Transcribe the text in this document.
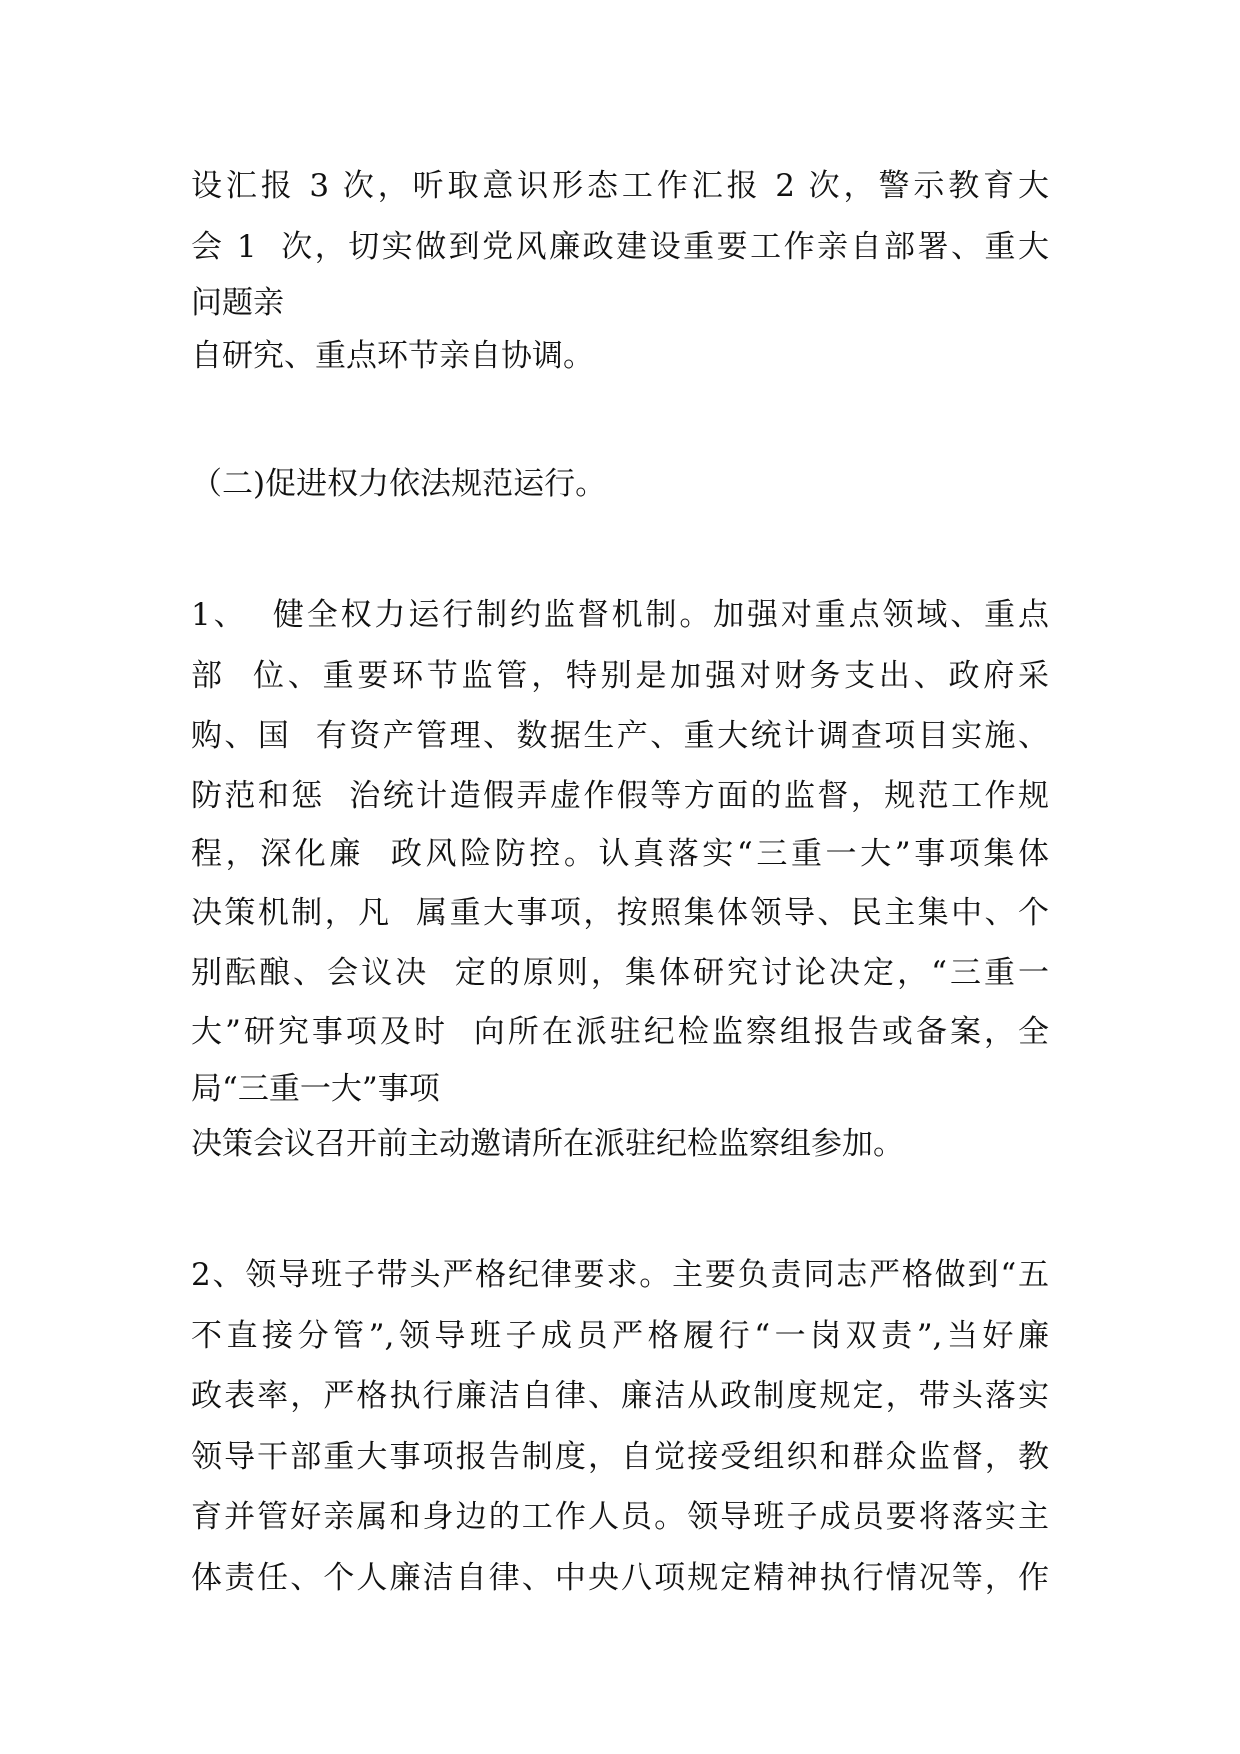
设汇报 3 次，听取意识形态工作汇报 2 次，警示教育大

会 1  次，切实做到党风廉政建设重要工作亲自部署、重大

问题亲

自研究、重点环节亲自协调。

（二)促进权力依法规范运行。

1、  健全权力运行制约监督机制。加强对重点领域、重点

部  位、重要环节监管，特别是加强对财务支出、政府采

购、国  有资产管理、数据生产、重大统计调查项目实施、

防范和惩  治统计造假弄虚作假等方面的监督，规范工作规

程，深化廉  政风险防控。认真落实“三重一大”事项集体

决策机制，凡  属重大事项，按照集体领导、民主集中、个

别酝酿、会议决  定的原则，集体研究讨论决定，“三重一

大”研究事项及时  向所在派驻纪检监察组报告或备案，全

局“三重一大”事项

决策会议召开前主动邀请所在派驻纪检监察组参加。

2、领导班子带头严格纪律要求。主要负责同志严格做到“五

不直接分管”,领导班子成员严格履行“一岗双责”,当好廉

政表率，严格执行廉洁自律、廉洁从政制度规定，带头落实

领导干部重大事项报告制度，自觉接受组织和群众监督，教

育并管好亲属和身边的工作人员。领导班子成员要将落实主

体责任、个人廉洁自律、中央八项规定精神执行情况等，作
